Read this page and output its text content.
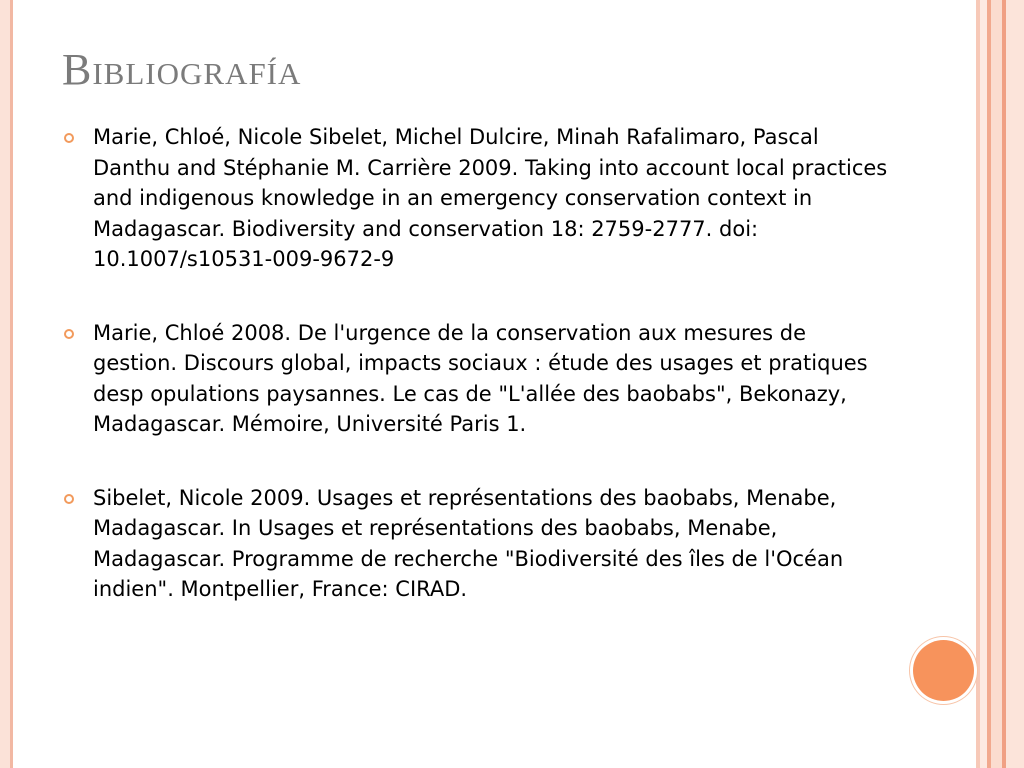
Bibliografía
Marie, Chloé, Nicole Sibelet, Michel Dulcire, Minah Rafalimaro, Pascal Danthu and Stéphanie M. Carrière 2009. Taking into account local practices and indigenous knowledge in an emergency conservation context in Madagascar. Biodiversity and conservation 18: 2759-2777. doi: 10.1007/s10531-009-9672-9
Marie, Chloé 2008. De l'urgence de la conservation aux mesures de gestion. Discours global, impacts sociaux : étude des usages et pratiques desp opulations paysannes. Le cas de "L'allée des baobabs", Bekonazy, Madagascar. Mémoire, Université Paris 1.
Sibelet, Nicole 2009. Usages et représentations des baobabs, Menabe, Madagascar. In Usages et représentations des baobabs, Menabe, Madagascar. Programme de recherche "Biodiversité des îles de l'Océan indien". Montpellier, France: CIRAD.
